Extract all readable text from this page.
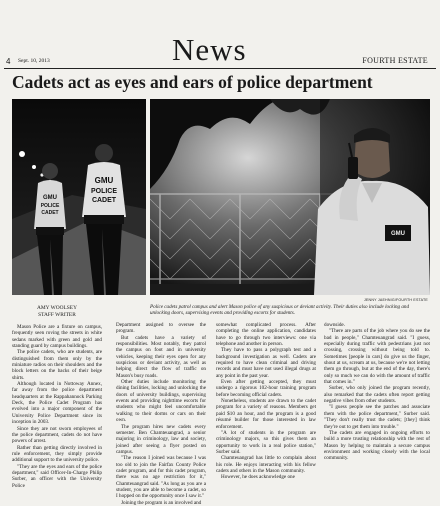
4 Sept. 10, 2013	News	FOURTH ESTATE
Cadets act as eyes and ears of police department
GMU
POLICE
CADET
GMU
POLICE
CADET
GMU
JENNY JAEHNIG/FOURTH ESTATE
Police cadets patrol campus and alert Mason police of any suspicious or deviant activity. Their duties also include locking and unlocking doors, supervising events and providing escorts for students.
AMY WOOLSEY
STAFF WRITER

Mason Police are a fixture on campus, frequently seen roving the streets in white sedans marked with green and gold and standing guard by campus buildings.

The police cadets, who are students, are distinguished from them only by the miniature radios on their shoulders and the block letters on the backs of their beige shirts.

Although located in Nottoway Annex, far away from the police department headquarters at the Rappahannock Parking Deck, the Police Cadet Program has evolved into a major component of the University Police Department since its inception in 2003.

Since they are not sworn employees of the police department, cadets do not have powers of arrest.

Rather than getting directly involved in rule enforcement, they simply provide additional support to the university police.

"They are the eyes and ears of the police department," said Officer-In-Charge Philip Surber, an officer with the University Police

Department assigned to oversee the program.

But cadets have a variety of responsibilities. Most notably, they patrol the campus on foot and in university vehicles, keeping their eyes open for any suspicious or deviant activity, as well as helping direct the flow of traffic on Mason's busy roads.

Other duties include monitoring the dining facilities, locking and unlocking the doors of university buildings, supervising events and providing nighttime escorts for students who might feel uncomfortable walking to their dorms or cars on their own.

The program hires new cadets every semester. Ben Chamteuangrad, a senior majoring in criminology, law and society, joined after seeing a flyer posted on campus.

"The reason I joined was because I was too old to join the Fairfax County Police cadet program, and for this cadet program, there was no age restriction for it," Chamteuangrad said. "As long as you are a student, you are able to become a cadet, so I hopped on the opportunity once I saw it."

Joining the program is an involved and

somewhat complicated process. After completing the online application, candidates have to go through two interviews: one via telephone and another in person.

They have to pass a polygraph test and a background investigation as well. Cadets are required to have clean criminal and driving records and must have not used illegal drugs at any point in the past year.

Even after getting accepted, they must undergo a rigorous 102-hour training program before becoming official cadets.

Nonetheless, students are drawn to the cadet program for a variety of reasons. Members get paid $10 an hour, and the program is a good résumé builder for those interested in law enforcement.

"A lot of students in the program are criminology majors, so this gives them an opportunity to work in a real police station," Surber said.

Chamteuangrad has little to complain about his role. He enjoys interacting with his fellow cadets and others in the Mason community.

However, he does acknowledge one

downside.

"There are parts of the job where you do see the bad in people," Chamteuangrad said. "I guess, especially during traffic with pedestrians just not crossing, crossing without being told to. Sometimes [people in cars] do give us the finger, shout at us, scream at us, because we're not letting them go through, but at the end of the day, there's only so much we can do with the amount of traffic that comes in."

Surber, who only joined the program recently, also remarked that the cadets often report getting negative vibes from other students.

"I guess people see the patches and associate them with the police department," Surber said. "They don't really trust the cadets; [they] think they're out to get them into trouble."

The cadets are engaged in ongoing efforts to build a more trusting relationship with the rest of Mason by helping to maintain a secure campus environment and working closely with the local community.
